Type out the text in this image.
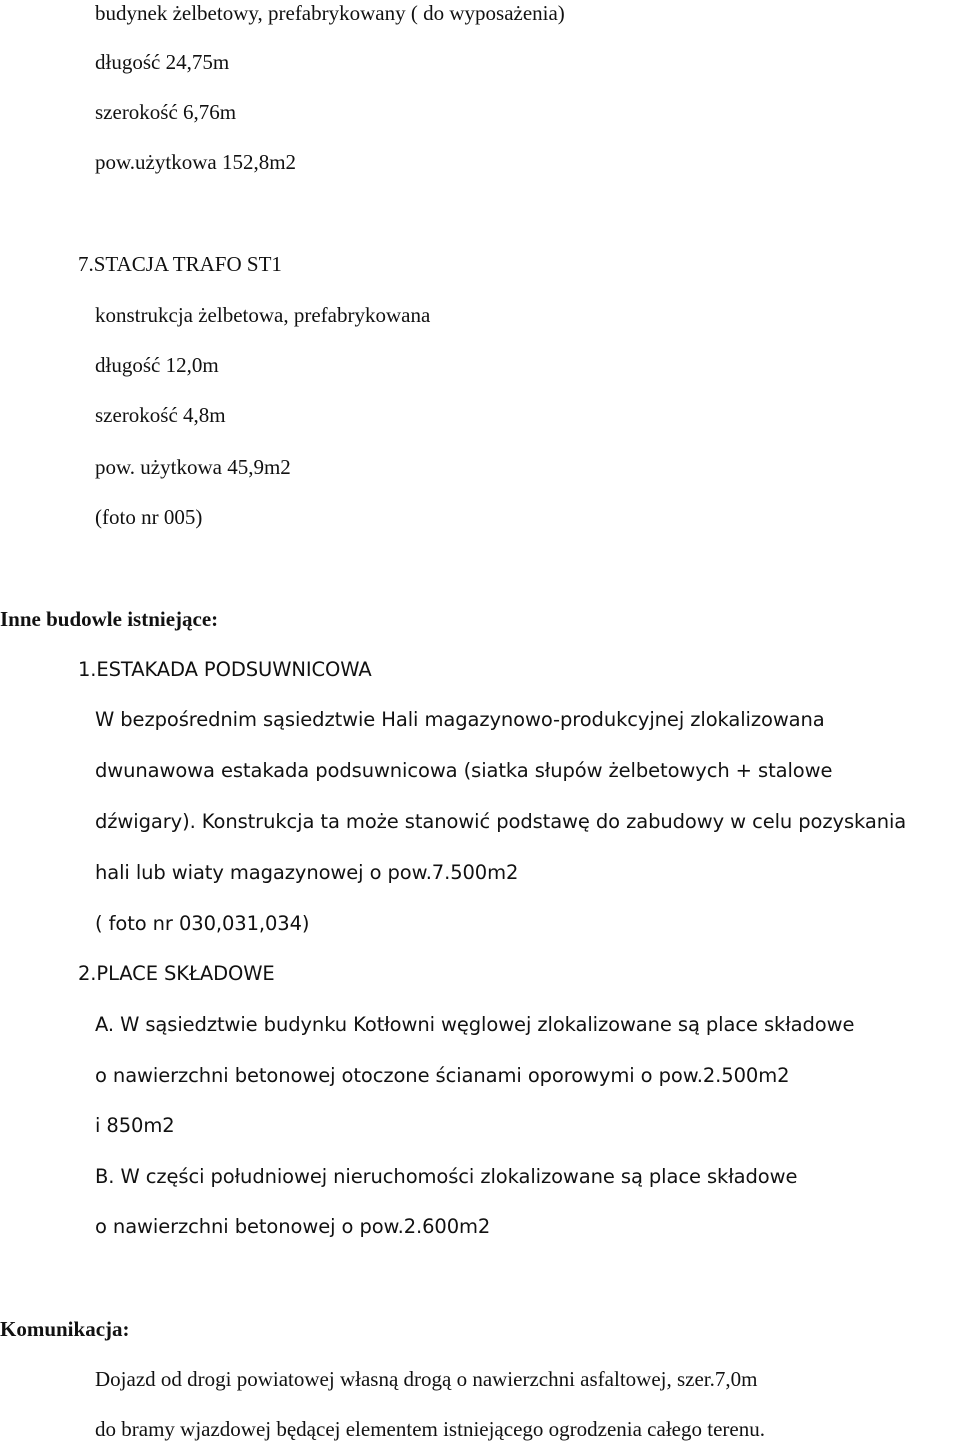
budynek żelbetowy, prefabrykowany ( do wyposażenia)
długość 24,75m
szerokość 6,76m
pow.użytkowa 152,8m2
7.STACJA TRAFO ST1
konstrukcja żelbetowa, prefabrykowana
długość 12,0m
szerokość 4,8m
pow. użytkowa 45,9m2
(foto nr 005)
Inne budowle istniejące:
1.ESTAKADA PODSUWNICOWA
W bezpośrednim sąsiedztwie Hali magazynowo-produkcyjnej zlokalizowana
dwunawowa estakada podsuwnicowa (siatka słupów żelbetowych + stalowe
dźwigary). Konstrukcja ta może stanowić podstawę do zabudowy w celu pozyskania
hali lub wiaty magazynowej o pow.7.500m2
( foto nr 030,031,034)
2.PLACE SKŁADOWE
A. W sąsiedztwie budynku Kotłowni węglowej zlokalizowane są place składowe
o nawierzchni betonowej otoczone ścianami oporowymi o pow.2.500m2
i 850m2
B. W części południowej nieruchomości zlokalizowane są place składowe
o nawierzchni betonowej o pow.2.600m2
Komunikacja:
Dojazd od drogi powiatowej własną drogą o nawierzchni asfaltowej, szer.7,0m
do bramy wjazdowej będącej elementem istniejącego ogrodzenia całego terenu.
